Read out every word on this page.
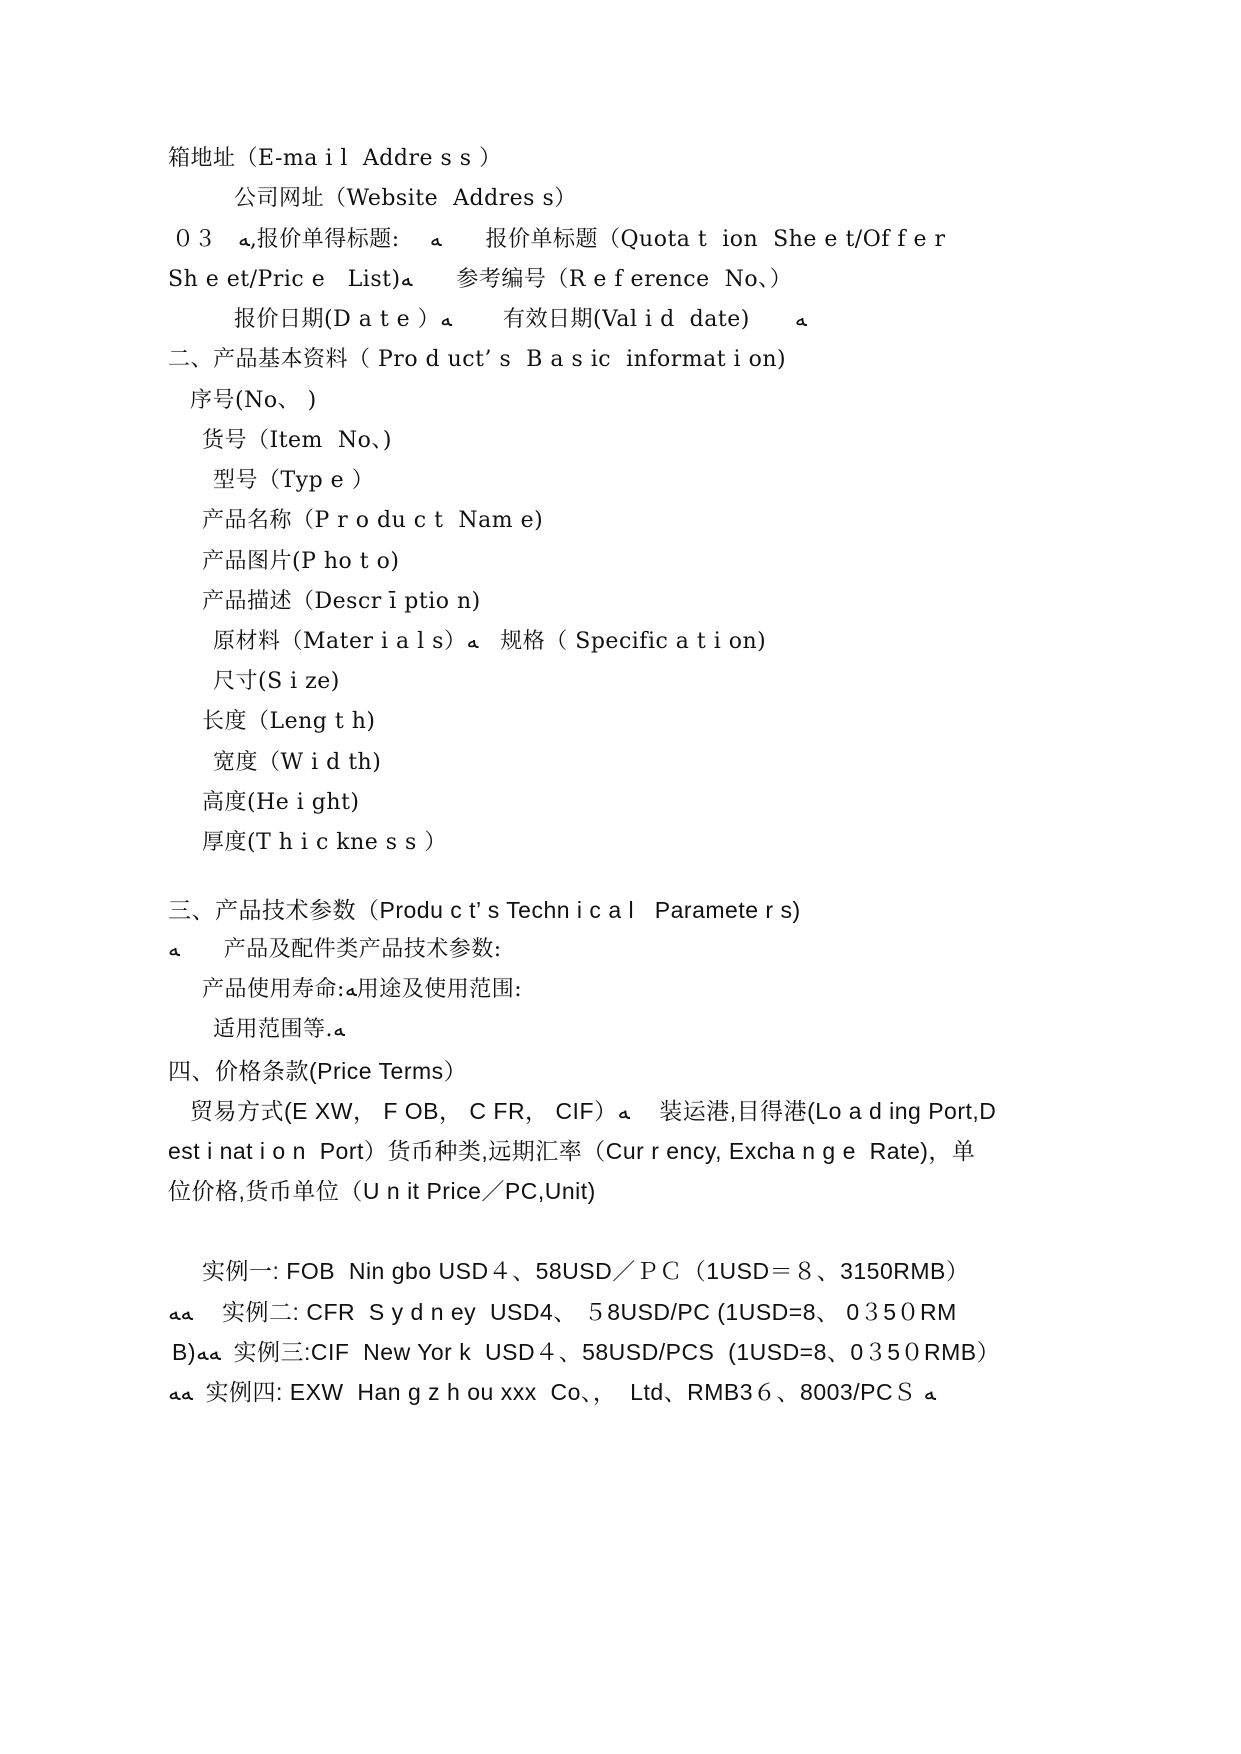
箱地址（E-ma i l  Addre s s ）
公司网址（Website  Addres s）
０３　ﻪ,报价单得标题:　 ﻪ　　报价单标题（Quota t  ion  She e t/Of f e r
Sh e et/Pric e   List)ﻪ　　参考编号（R e f erence  No、）
报价日期(D a t e ）ﻪ　　 有效日期(Val i d  date)　　ﻪ
二、产品基本资料（ Pro d uct’ s  B a s ic  informat i on)
序号(No、 )
货号（Item  No、)
型号（Typ e ）
产品名称（P r o du c t  Nam e)
产品图片(P ho t o)
产品描述（Descr ī ptio n)
原材料（Mater i a l s）ﻪ　规格（ Specific a t i on)
尺寸(S i ze)
长度（Leng t h)
宽度（W i d th)
高度(He i ght)
厚度(T h i c kne s s ）
三、产品技术参数（Produ c t’ s Techn i c a l   Paramete r s)
ﻪ　　产品及配件类产品技术参数:
产品使用寿命:ﻪ用途及使用范围:
适用范围等.ﻪ
四、价格条款(Price Terms）
贸易方式(E XW， F OB， C FR， CIF）ﻪ　 装运港,目得港(Lo a d ing Port,D
est i nat i o n  Port）货币种类,远期汇率（Cur r ency, Excha n g e  Rate)，单
位价格,货币单位（U n it Price／PC,Unit)
实例一: FOB  Nin gbo USD４、58USD／ＰＣ（1USD＝８、3150RMB）
ﻪﻪ　 实例二: CFR  S y d n ey  USD4、 ５8USD/PC (1USD=8、 0３5０RM
B)ﻪﻪ  实例三:CIF  New Yor k  USD４、58USD/PCS  (1USD=8、0３5０RMB）
ﻪﻪ  实例四: EXW  Han g z h ou xxx  Co、，  Ltd、RMB3６、8003/PCＳ ﻪ
